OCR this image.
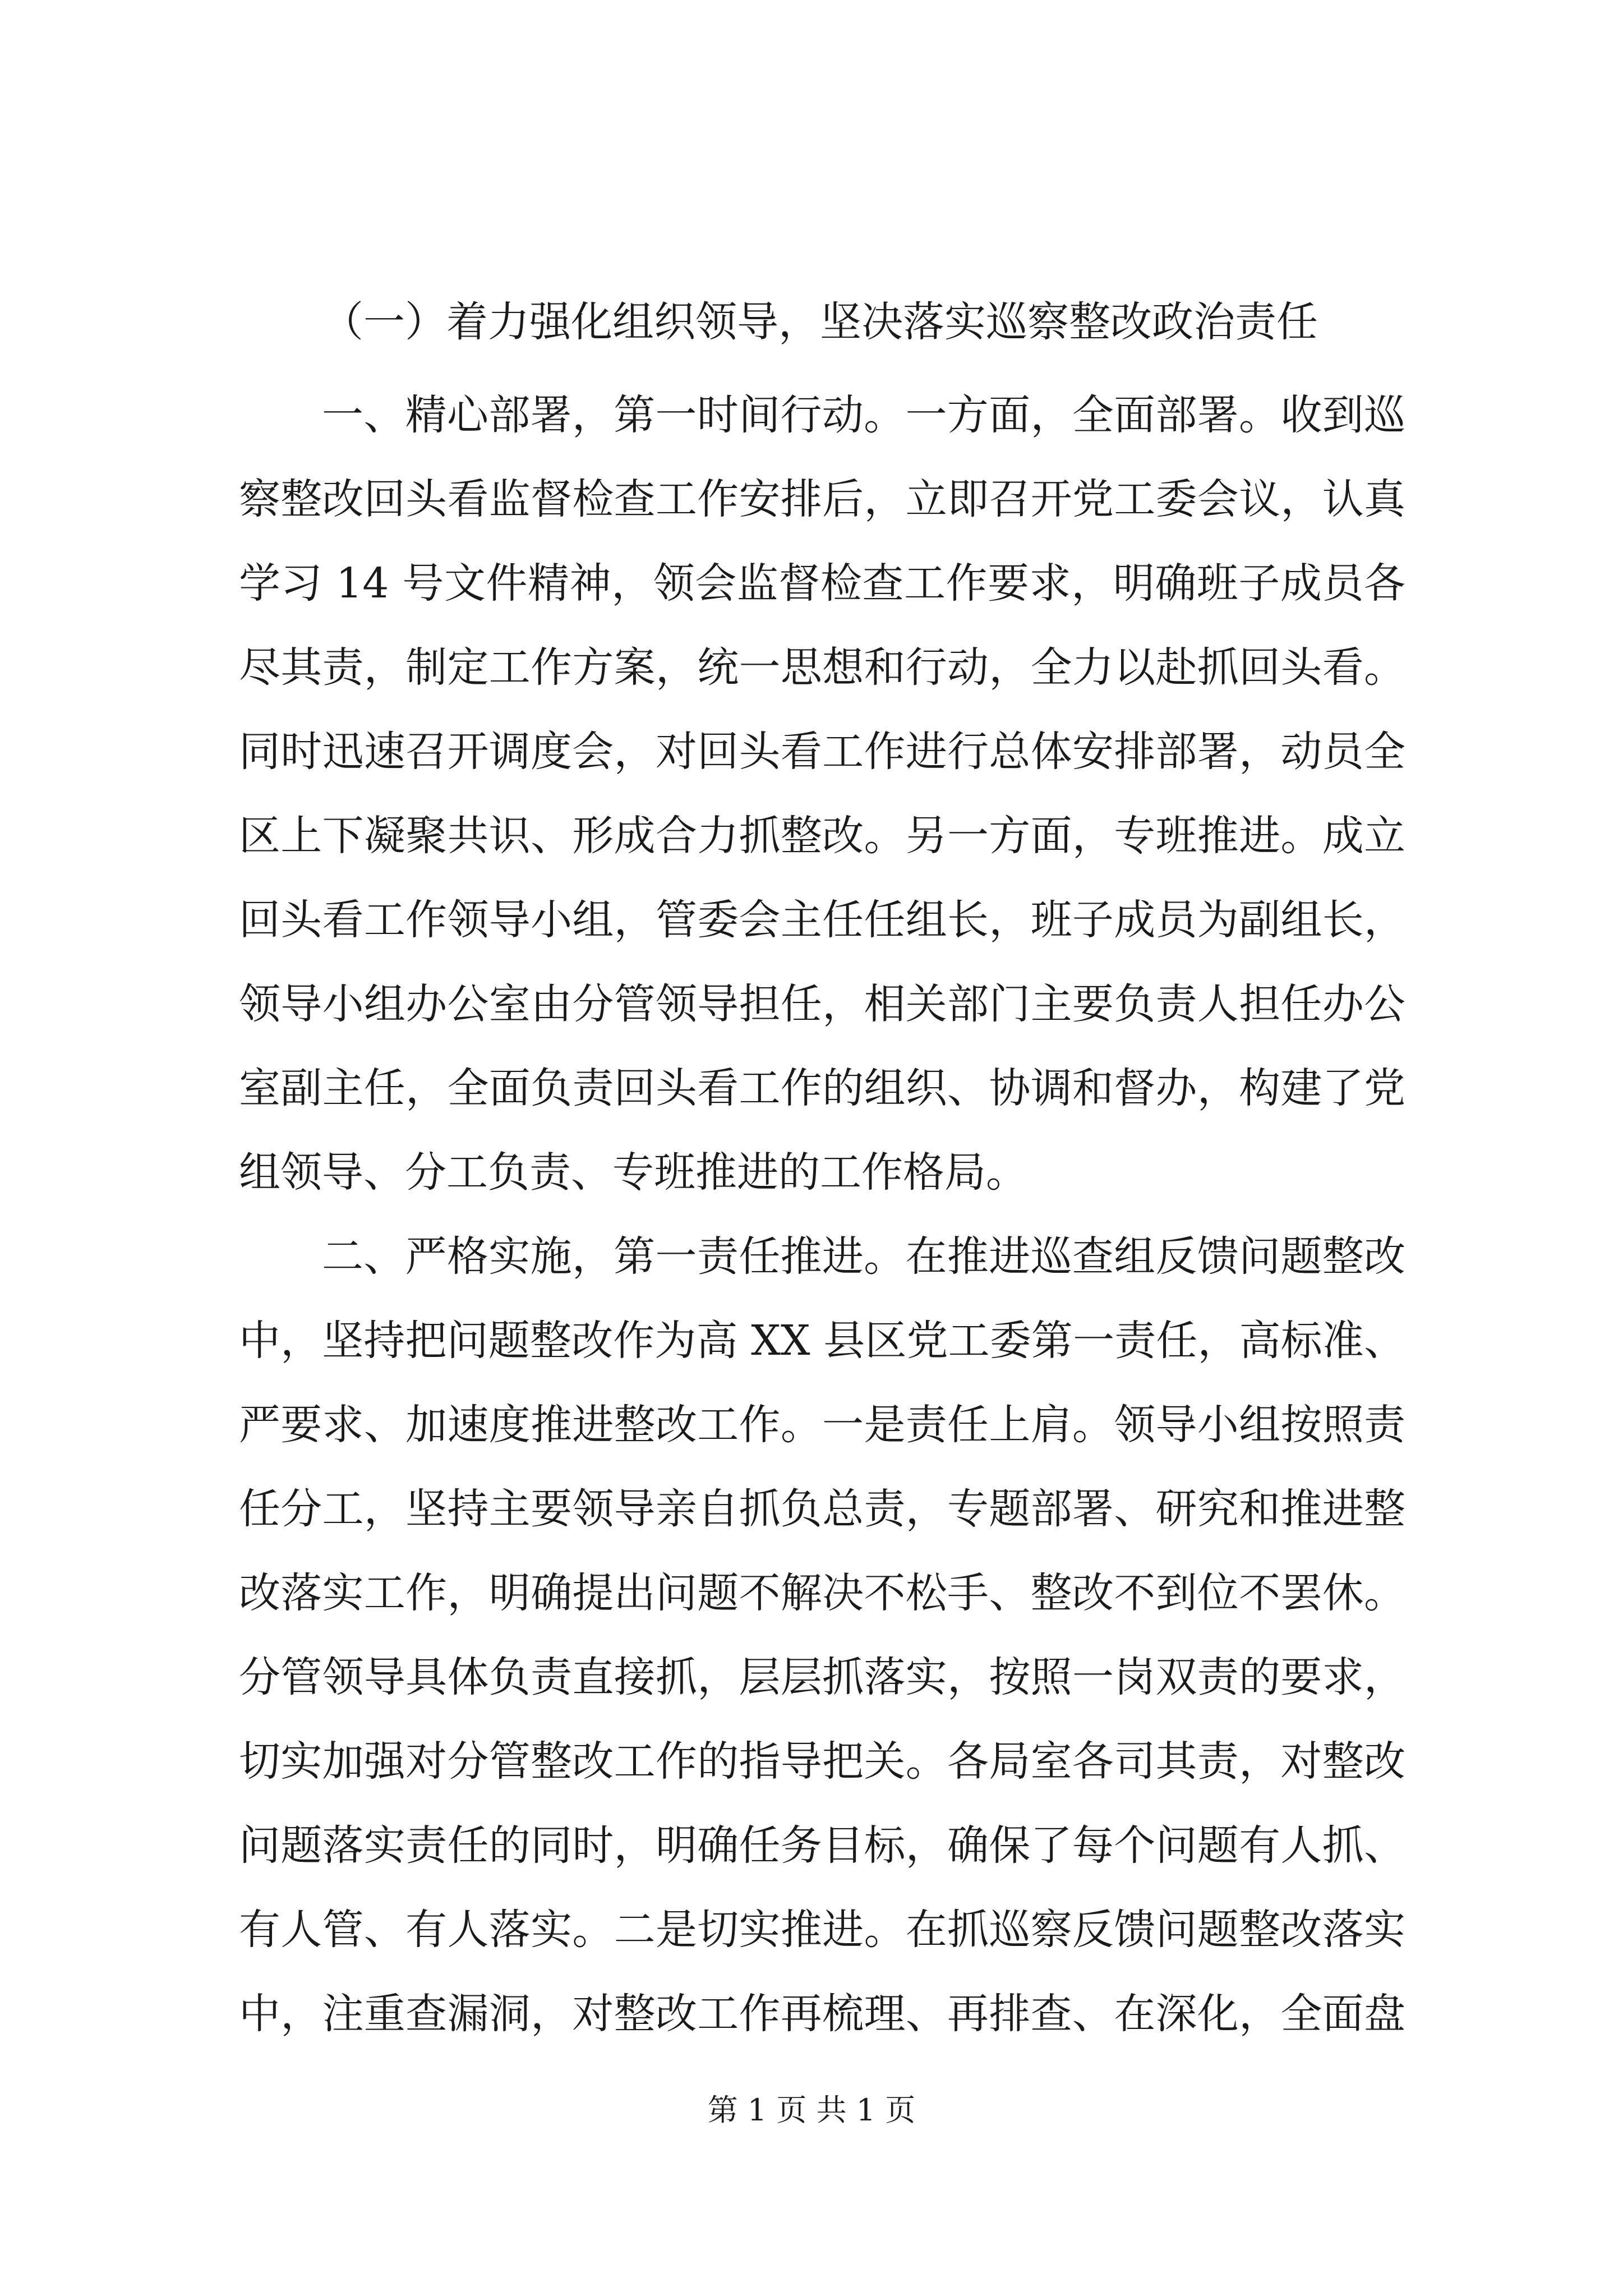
（一）着力强化组织领导，坚决落实巡察整改政治责任
一、精心部署，第一时间行动。一方面，全面部署。收到巡
察整改回头看监督检查工作安排后，立即召开党工委会议，认真
学习 14 号文件精神，领会监督检查工作要求，明确班子成员各
尽其责，制定工作方案，统一思想和行动，全力以赴抓回头看。
同时迅速召开调度会，对回头看工作进行总体安排部署，动员全
区上下凝聚共识、形成合力抓整改。另一方面，专班推进。成立
回头看工作领导小组，管委会主任任组长，班子成员为副组长，
领导小组办公室由分管领导担任，相关部门主要负责人担任办公
室副主任，全面负责回头看工作的组织、协调和督办，构建了党
组领导、分工负责、专班推进的工作格局。
二、严格实施，第一责任推进。在推进巡查组反馈问题整改
中，坚持把问题整改作为高 XX 县区党工委第一责任，高标准、
严要求、加速度推进整改工作。一是责任上肩。领导小组按照责
任分工，坚持主要领导亲自抓负总责，专题部署、研究和推进整
改落实工作，明确提出问题不解决不松手、整改不到位不罢休。
分管领导具体负责直接抓，层层抓落实，按照一岗双责的要求，
切实加强对分管整改工作的指导把关。各局室各司其责，对整改
问题落实责任的同时，明确任务目标，确保了每个问题有人抓、
有人管、有人落实。二是切实推进。在抓巡察反馈问题整改落实
中，注重查漏洞，对整改工作再梳理、再排查、在深化，全面盘
第 1 页 共 1 页
